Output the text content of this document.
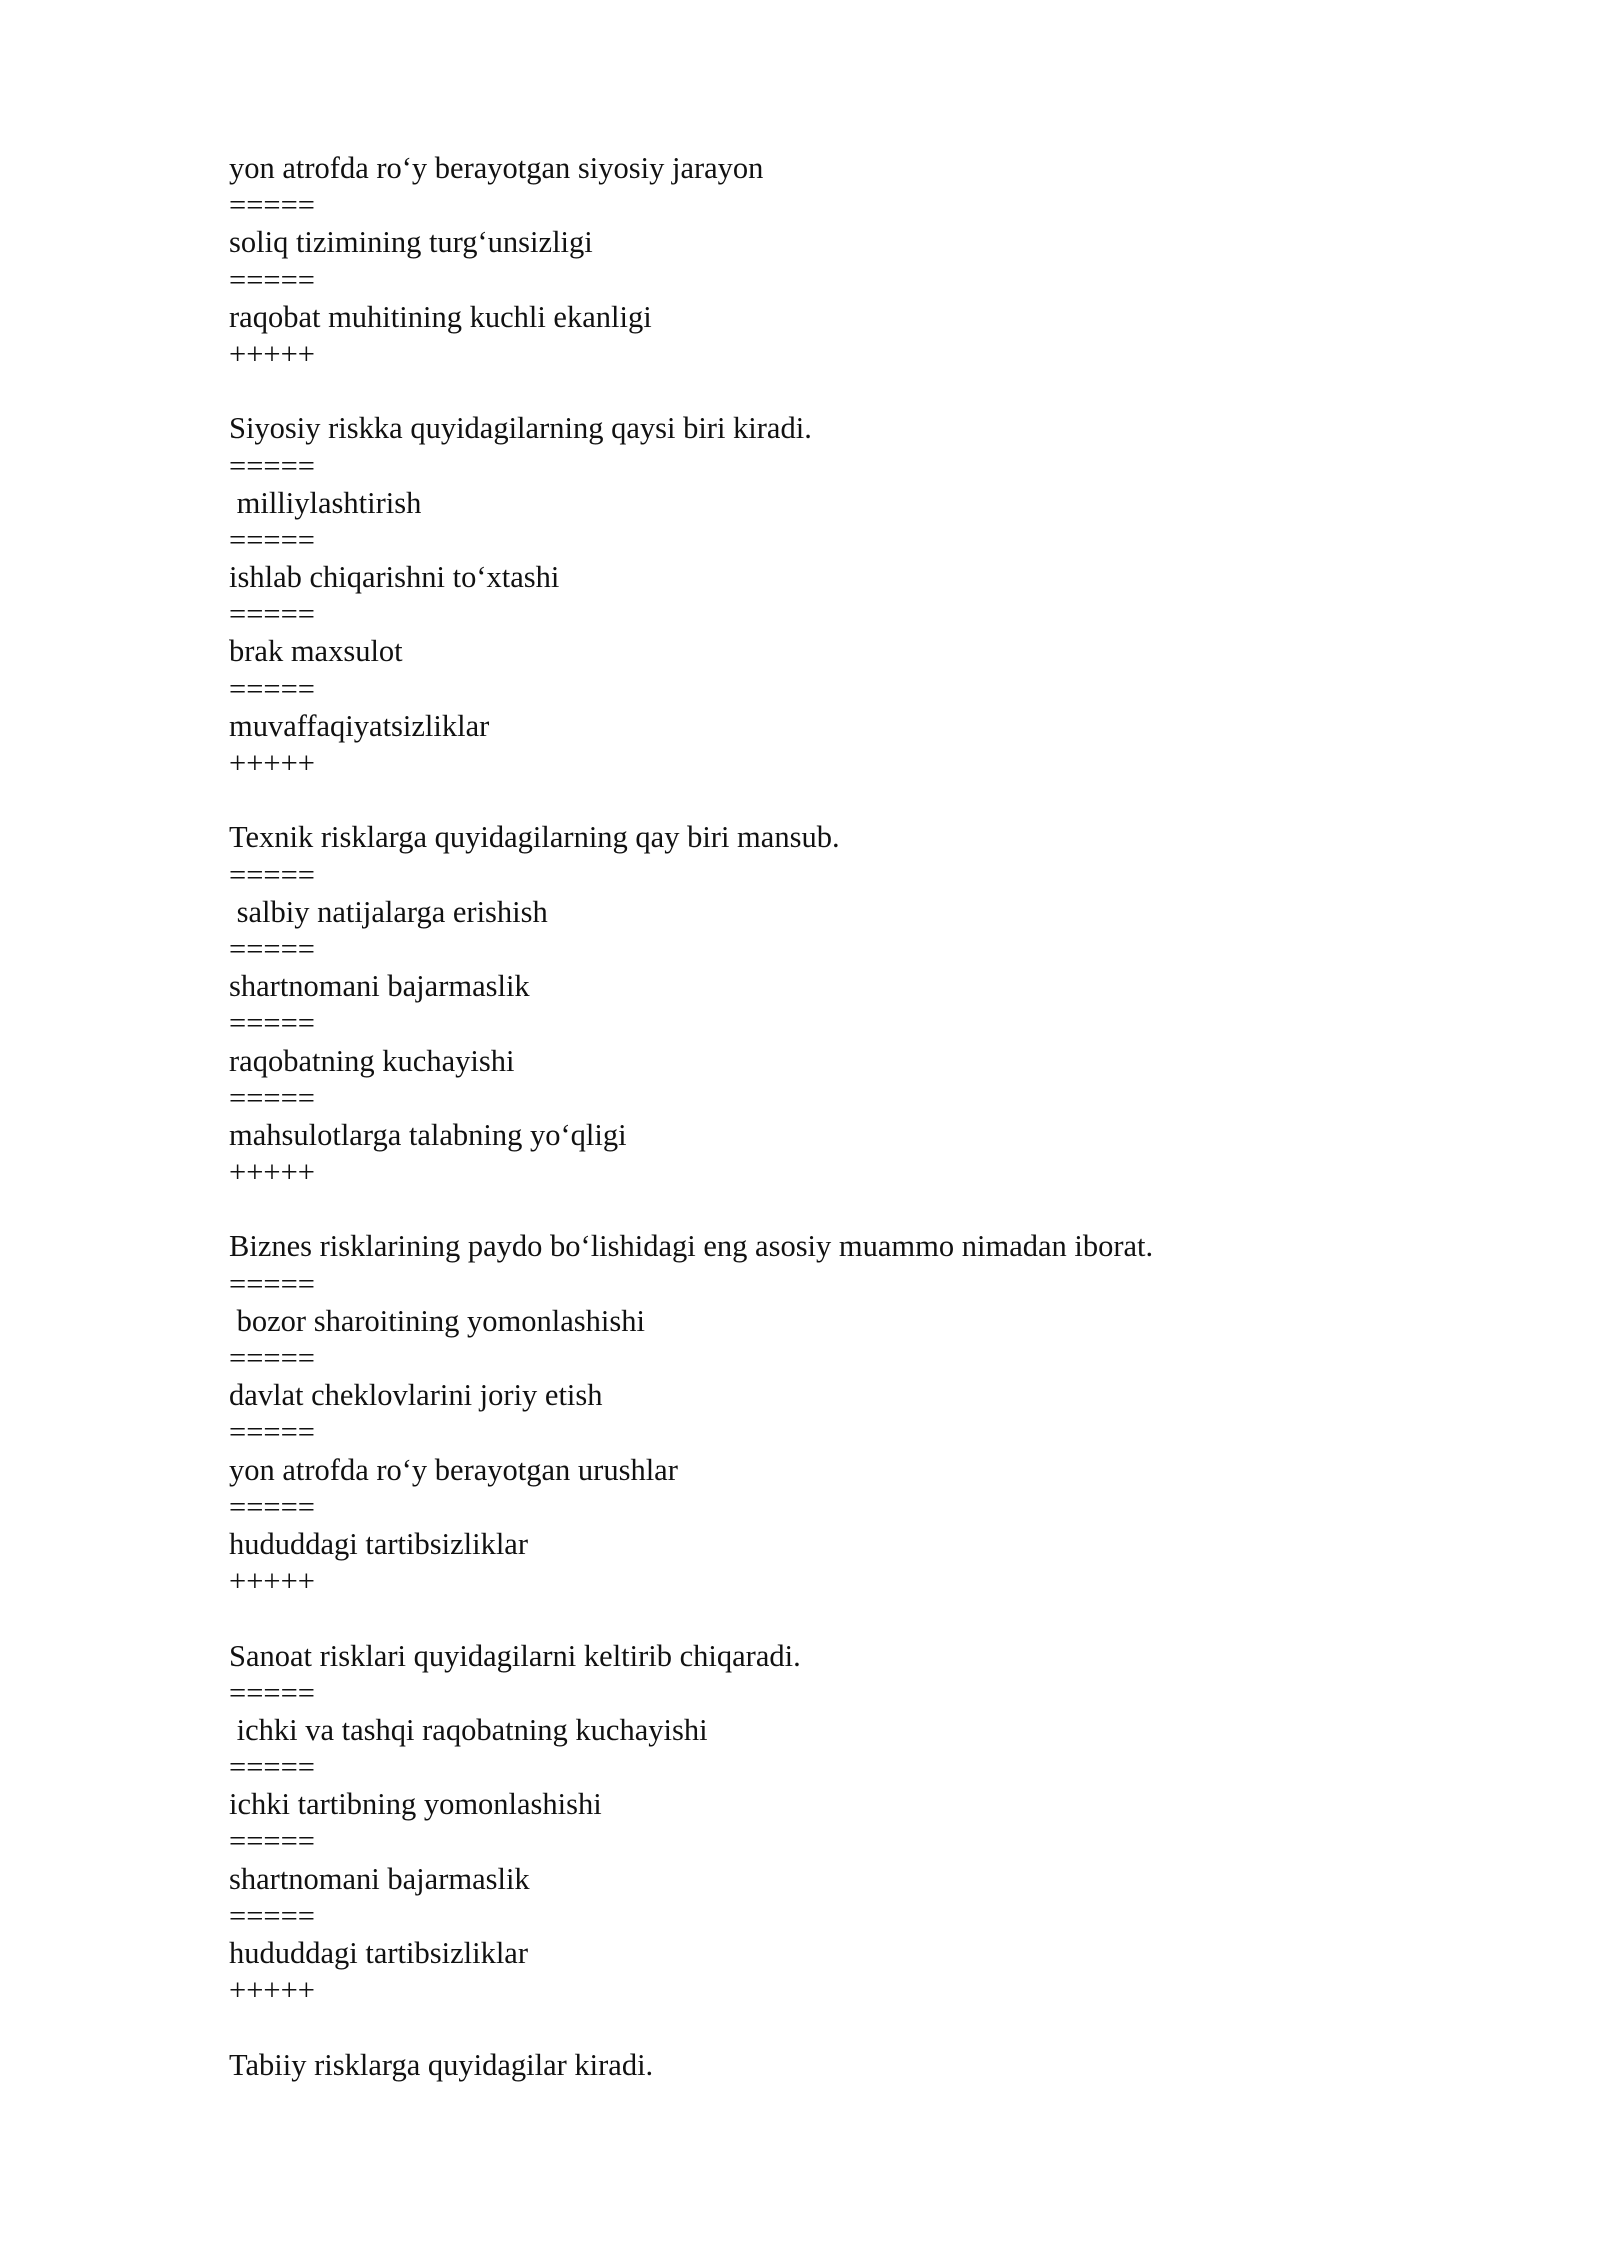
yon atrofda ro‘y berayotgan siyosiy jarayon
=====
soliq tizimining turg‘unsizligi
=====
raqobat muhitining kuchli ekanligi
+++++
Siyosiy riskka quyidagilarning qaysi biri kiradi.
=====
milliylashtirish
=====
ishlab chiqarishni to‘xtashi
=====
brak maxsulot
=====
muvaffaqiyatsizliklar
+++++
Texnik risklarga quyidagilarning qay biri mansub.
=====
salbiy natijalarga erishish
=====
shartnomani bajarmaslik
=====
raqobatning kuchayishi
=====
mahsulotlarga talabning yo‘qligi
+++++
Biznes risklarining paydo bo‘lishidagi eng asosiy muammo nimadan iborat.
=====
bozor sharoitining yomonlashishi
=====
davlat cheklovlarini joriy etish
=====
yon atrofda ro‘y berayotgan urushlar
=====
hududdagi tartibsizliklar
+++++
Sanoat risklari quyidagilarni keltirib chiqaradi.
=====
ichki va tashqi raqobatning kuchayishi
=====
ichki tartibning yomonlashishi
=====
shartnomani bajarmaslik
=====
hududdagi tartibsizliklar
+++++
Tabiiy risklarga quyidagilar kiradi.
